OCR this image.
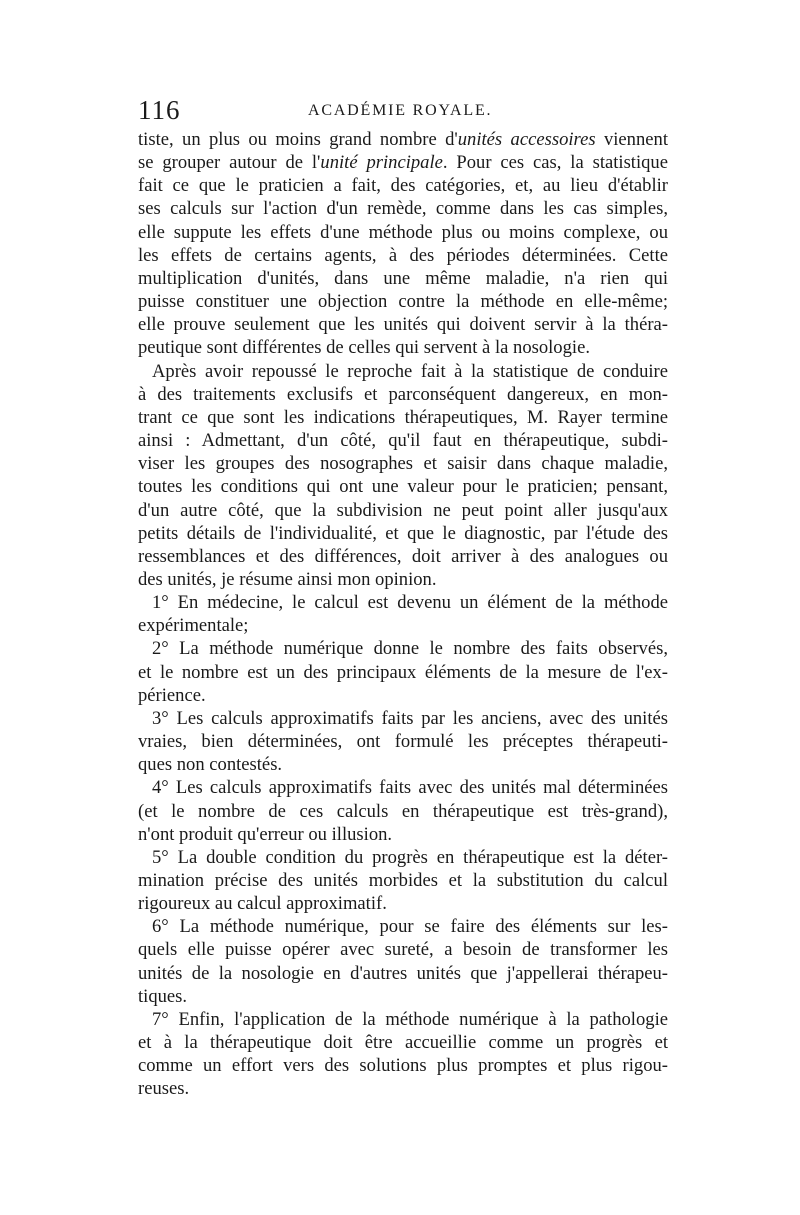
116	ACADÉMIE ROYALE.
tiste, un plus ou moins grand nombre d'unités accessoires viennent
se grouper autour de l'unité principale. Pour ces cas, la statistique
fait ce que le praticien a fait, des catégories, et, au lieu d'établir
ses calculs sur l'action d'un remède, comme dans les cas simples,
elle suppute les effets d'une méthode plus ou moins complexe, ou
les effets de certains agents, à des périodes déterminées. Cette
multiplication d'unités, dans une même maladie, n'a rien qui
puisse constituer une objection contre la méthode en elle-même;
elle prouve seulement que les unités qui doivent servir à la théra-
peutique sont différentes de celles qui servent à la nosologie.
Après avoir repoussé le reproche fait à la statistique de conduire
à des traitements exclusifs et parconséquent dangereux, en mon-
trant ce que sont les indications thérapeutiques, M. Rayer termine
ainsi : Admettant, d'un côté, qu'il faut en thérapeutique, subdi-
viser les groupes des nosographes et saisir dans chaque maladie,
toutes les conditions qui ont une valeur pour le praticien; pensant,
d'un autre côté, que la subdivision ne peut point aller jusqu'aux
petits détails de l'individualité, et que le diagnostic, par l'étude des
ressemblances et des différences, doit arriver à des analogues ou
des unités, je résume ainsi mon opinion.
1° En médecine, le calcul est devenu un élément de la méthode
expérimentale;
2° La méthode numérique donne le nombre des faits observés,
et le nombre est un des principaux éléments de la mesure de l'ex-
périence.
3° Les calculs approximatifs faits par les anciens, avec des unités
vraies, bien déterminées, ont formulé les préceptes thérapeuti-
ques non contestés.
4° Les calculs approximatifs faits avec des unités mal déterminées
(et le nombre de ces calculs en thérapeutique est très-grand),
n'ont produit qu'erreur ou illusion.
5° La double condition du progrès en thérapeutique est la déter-
mination précise des unités morbides et la substitution du calcul
rigoureux au calcul approximatif.
6° La méthode numérique, pour se faire des éléments sur les-
quels elle puisse opérer avec sureté, a besoin de transformer les
unités de la nosologie en d'autres unités que j'appellerai thérapeu-
tiques.
7° Enfin, l'application de la méthode numérique à la pathologie
et à la thérapeutique doit être accueillie comme un progrès et
comme un effort vers des solutions plus promptes et plus rigou-
reuses.
